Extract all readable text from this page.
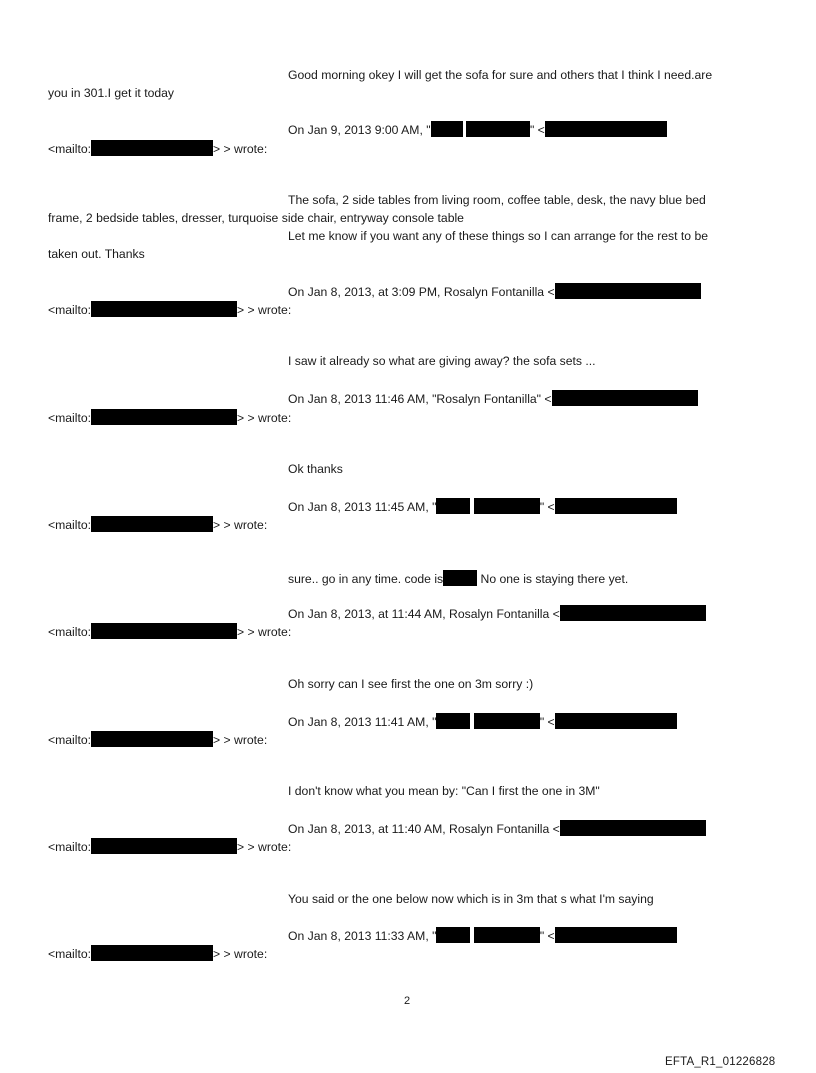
Good morning okey I will get the sofa for sure and others that I think I need.are
you in 301.I get it today
On Jan 9, 2013 9:00 AM, "	" <
<mailto:	> > wrote:
The sofa, 2 side tables from living room, coffee table, desk, the navy blue bed
frame, 2 bedside tables, dresser, turquoise side chair, entryway console table
Let me know if you want any of these things so I can arrange for the rest to be
taken out. Thanks
On Jan 8, 2013, at 3:09 PM, Rosalyn Fontanilla <
<mailto:	> > wrote:
I saw it already so what are giving away? the sofa sets ...
On Jan 8, 2013 11:46 AM, "Rosalyn Fontanilla" <
<mailto:	> > wrote:
Ok thanks
On Jan 8, 2013 11:45 AM, "	" <
<mailto:	> > wrote:
sure.. go in any time. code is	No one is staying there yet.
On Jan 8, 2013, at 11:44 AM, Rosalyn Fontanilla <
<mailto:	> > wrote:
Oh sorry can I see first the one on 3m sorry :)
On Jan 8, 2013 11:41 AM, "	" <
<mailto:	> > wrote:
I don't know what you mean by: "Can I first the one in 3M"
On Jan 8, 2013, at 11:40 AM, Rosalyn Fontanilla <
<mailto:	> > wrote:
You said or the one below now which is in 3m that s what I'm saying
On Jan 8, 2013 11:33 AM, "	" <
<mailto:	> > wrote:
2
EFTA_R1_01226828
